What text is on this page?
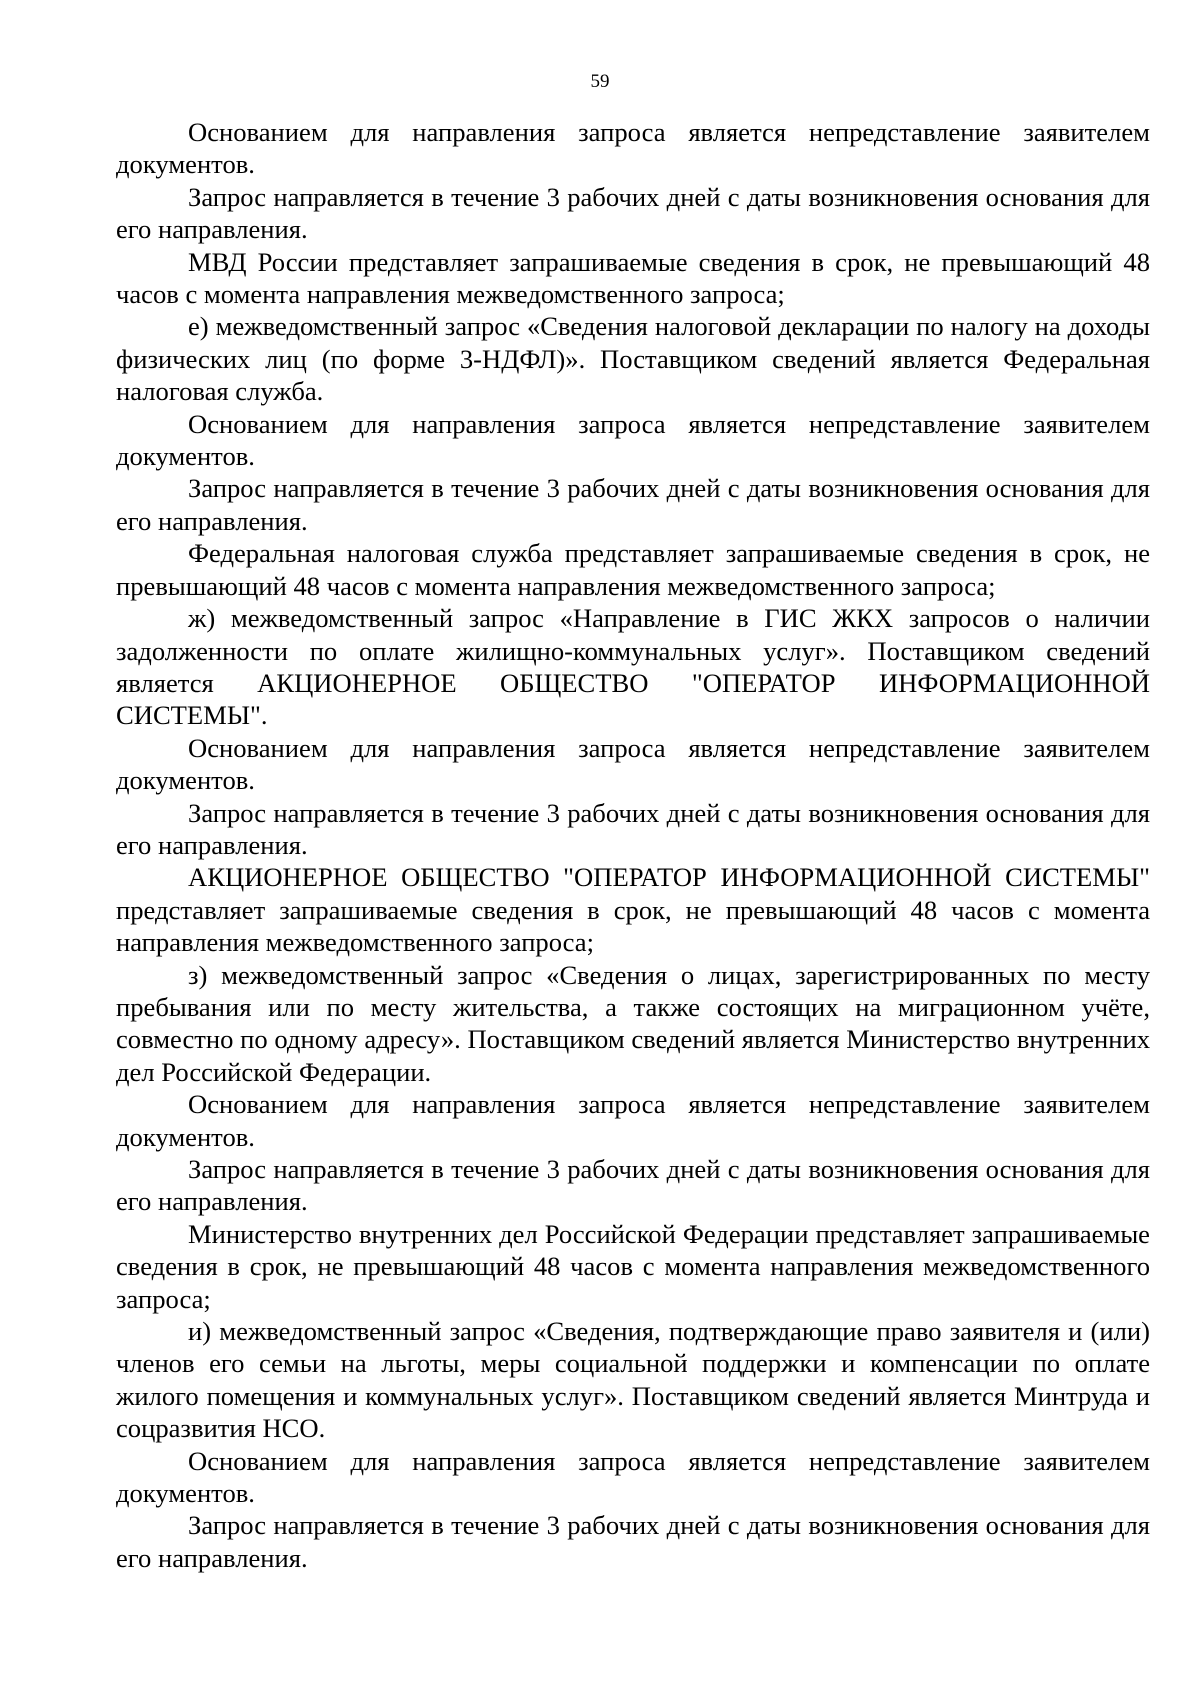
59

Основанием для направления запроса является непредставление заявителем документов.

Запрос направляется в течение 3 рабочих дней с даты возникновения основания для его направления.

МВД России представляет запрашиваемые сведения в срок, не превышающий 48 часов с момента направления межведомственного запроса;

е) межведомственный запрос «Сведения налоговой декларации по налогу на доходы физических лиц (по форме 3-НДФЛ)». Поставщиком сведений является Федеральная налоговая служба.

Основанием для направления запроса является непредставление заявителем документов.

Запрос направляется в течение 3 рабочих дней с даты возникновения основания для его направления.

Федеральная налоговая служба представляет запрашиваемые сведения в срок, не превышающий 48 часов с момента направления межведомственного запроса;

ж) межведомственный запрос «Направление в ГИС ЖКХ запросов о наличии задолженности по оплате жилищно-коммунальных услуг». Поставщиком сведений является АКЦИОНЕРНОЕ ОБЩЕСТВО "ОПЕРАТОР ИНФОРМАЦИОННОЙ СИСТЕМЫ".

Основанием для направления запроса является непредставление заявителем документов.

Запрос направляется в течение 3 рабочих дней с даты возникновения основания для его направления.

АКЦИОНЕРНОЕ ОБЩЕСТВО "ОПЕРАТОР ИНФОРМАЦИОННОЙ СИСТЕМЫ" представляет запрашиваемые сведения в срок, не превышающий 48 часов с момента направления межведомственного запроса;

з) межведомственный запрос «Сведения о лицах, зарегистрированных по месту пребывания или по месту жительства, а также состоящих на миграционном учёте, совместно по одному адресу». Поставщиком сведений является Министерство внутренних дел Российской Федерации.

Основанием для направления запроса является непредставление заявителем документов.

Запрос направляется в течение 3 рабочих дней с даты возникновения основания для его направления.

Министерство внутренних дел Российской Федерации представляет запрашиваемые сведения в срок, не превышающий 48 часов с момента направления межведомственного запроса;

и) межведомственный запрос «Сведения, подтверждающие право заявителя и (или) членов его семьи на льготы, меры социальной поддержки и компенсации по оплате жилого помещения и коммунальных услуг». Поставщиком сведений является Минтруда и соцразвития НСО.

Основанием для направления запроса является непредставление заявителем документов.

Запрос направляется в течение 3 рабочих дней с даты возникновения основания для его направления.
